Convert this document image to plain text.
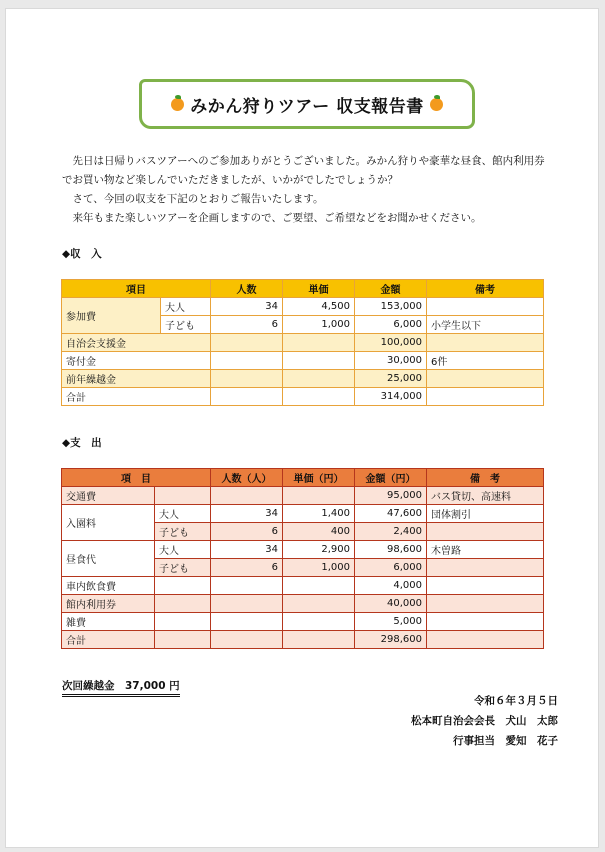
みかん狩りツアー 収支報告書

　先日は日帰りバスツアーへのご参加ありがとうございました。みかん狩りや豪華な昼食、館内利用券でお買い物など楽しんでいただきましたが、いかがでしたでしょうか？

　さて、今回の収支を下記のとおりご報告いたします。

　来年もまた楽しいツアーを企画しますので、ご要望、ご希望などをお聞かせください。

◆収　入
項目		人数	単価	金額	備考
参加費	大人	34	4,500	153,000	
	子ども	6	1,000	6,000	小学生以下
自治会支援金				100,000	
寄付金				30,000	6件
前年繰越金				25,000	
合計				314,000	
◆支　出
項　目		人数（人）	単価（円）	金額（円）	備　考
交通費				95,000	バス貸切、高速料
入園料	大人	34	1,400	47,600	団体割引
	子ども	6	400	2,400	
昼食代	大人	34	2,900	98,600	木曽路
	子ども	6	1,000	6,000	
車内飲食費				4,000	
館内利用券				40,000	
雑費				5,000	
合計				298,600	
次回繰越金　37,000 円
令和６年３月５日
松本町自治会会長　犬山　太郎
行事担当　愛知　花子
